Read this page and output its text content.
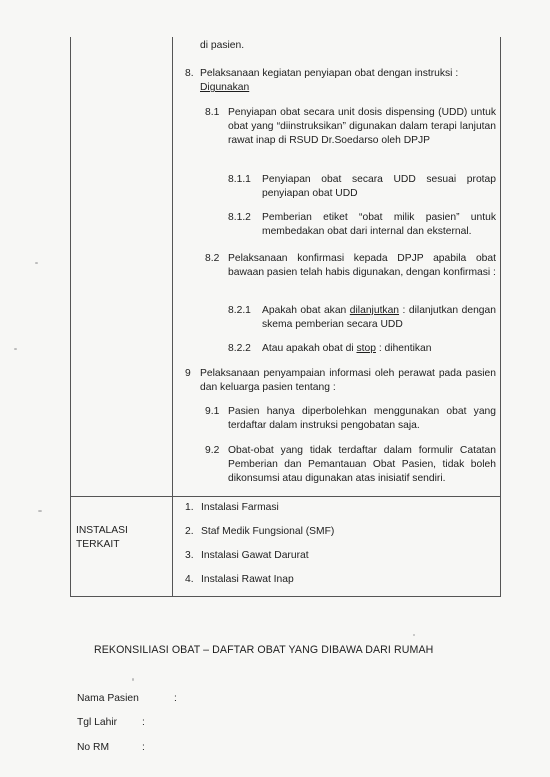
di pasien.

8. Pelaksanaan kegiatan penyiapan obat dengan instruksi :
Digunakan

8.1 Penyiapan obat secara unit dosis dispensing (UDD) untuk obat yang “diinstruksikan” digunakan dalam terapi lanjutan rawat inap di RSUD Dr.Soedarso oleh DPJP

8.1.1 Penyiapan obat secara UDD sesuai protap penyiapan obat UDD

8.1.2 Pemberian etiket “obat milik pasien” untuk membedakan obat dari internal dan eksternal.

8.2 Pelaksanaan konfirmasi kepada DPJP apabila obat bawaan pasien telah habis digunakan, dengan konfirmasi :

8.2.1 Apakah obat akan dilanjutkan : dilanjutkan dengan skema pemberian secara UDD

8.2.2 Atau apakah obat di stop : dihentikan

9 Pelaksanaan penyampaian informasi oleh perawat pada pasien dan keluarga pasien tentang :

9.1 Pasien hanya diperbolehkan menggunakan obat yang terdaftar dalam instruksi pengobatan saja.

9.2 Obat-obat yang tidak terdaftar dalam formulir Catatan Pemberian dan Pemantauan Obat Pasien, tidak boleh dikonsumsi atau digunakan atas inisiatif sendiri.

INSTALASI
TERKAIT

1. Instalasi Farmasi
2. Staf Medik Fungsional (SMF)
3. Instalasi Gawat Darurat
4. Instalasi Rawat Inap
REKONSILIASI OBAT – DAFTAR OBAT YANG DIBAWA DARI RUMAH
Nama Pasien	:
Tgl Lahir :
No RM	:
